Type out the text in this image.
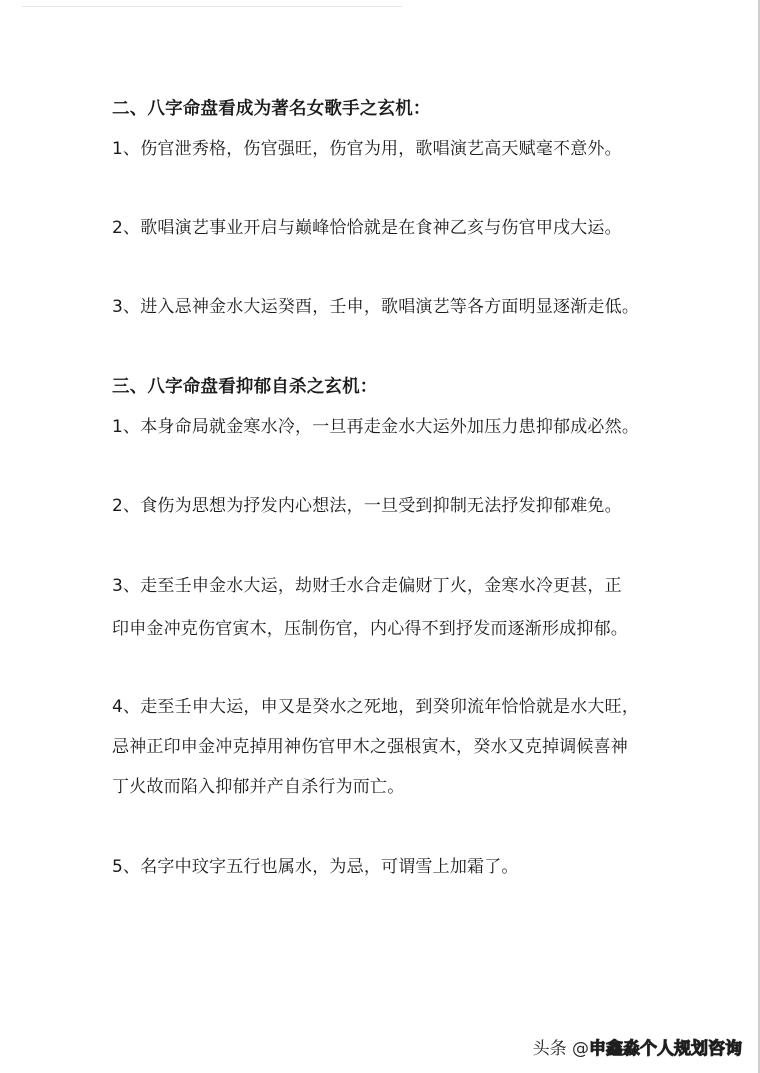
二、八字命盘看成为著名女歌手之玄机：
1、伤官泄秀格，伤官强旺，伤官为用，歌唱演艺高天赋毫不意外。
2、歌唱演艺事业开启与巅峰恰恰就是在食神乙亥与伤官甲戌大运。
3、进入忌神金水大运癸酉，壬申，歌唱演艺等各方面明显逐渐走低。
三、八字命盘看抑郁自杀之玄机：
1、本身命局就金寒水冷，一旦再走金水大运外加压力患抑郁成必然。
2、食伤为思想为抒发内心想法，一旦受到抑制无法抒发抑郁难免。
3、走至壬申金水大运，劫财壬水合走偏财丁火，金寒水冷更甚，正
印申金冲克伤官寅木，压制伤官，内心得不到抒发而逐渐形成抑郁。
4、走至壬申大运，申又是癸水之死地，到癸卯流年恰恰就是水大旺，
忌神正印申金冲克掉用神伤官甲木之强根寅木，癸水又克掉调候喜神
丁火故而陷入抑郁并产自杀行为而亡。
5、名字中玟字五行也属水，为忌，可谓雪上加霜了。
头条 @申鑫淼个人规划咨询
